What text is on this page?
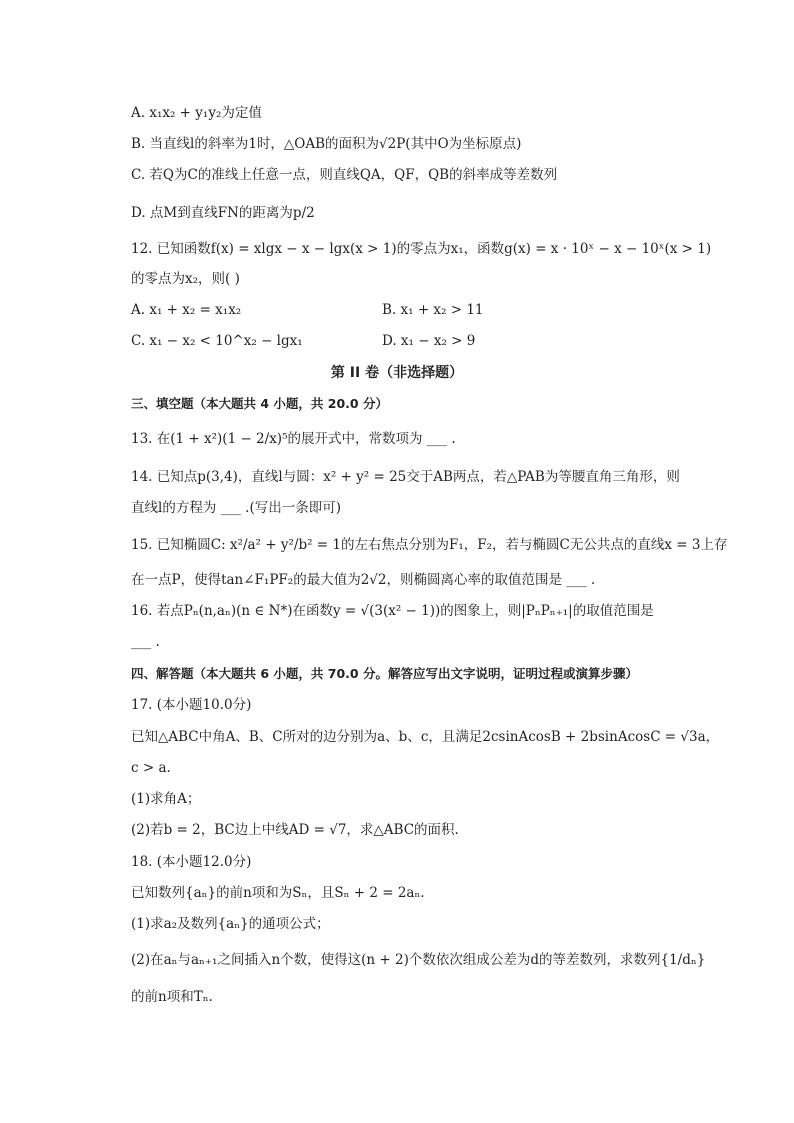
A. x₁x₂ + y₁y₂为定值
B. 当直线l的斜率为1时，△OAB的面积为√2P(其中O为坐标原点)
C. 若Q为C的准线上任意一点，则直线QA，QF，QB的斜率成等差数列
D. 点M到直线FN的距离为p/2
12. 已知函数f(x) = xlgx − x − lgx(x > 1)的零点为x₁，函数g(x) = x · 10ˣ − x − 10ˣ(x > 1)
的零点为x₂，则( )
A. x₁ + x₂ = x₁x₂	B. x₁ + x₂ > 11
C. x₁ − x₂ < 10^x₂ − lgx₁	D. x₁ − x₂ > 9
第 II 卷（非选择题）
三、填空题（本大题共 4 小题，共 20.0 分）
13. 在(1 + x²)(1 − 2/x)⁵的展开式中，常数项为 ___ .
14. 已知点p(3,4)，直线l与圆：x² + y² = 25交于AB两点，若△PAB为等腰直角三角形，则
直线l的方程为 ___ .(写出一条即可)
15. 已知椭圆C: x²/a² + y²/b² = 1的左右焦点分别为F₁，F₂，若与椭圆C无公共点的直线x = 3上存
在一点P，使得tan∠F₁PF₂的最大值为2√2，则椭圆离心率的取值范围是 ___ .
16. 若点Pₙ(n,aₙ)(n ∈ N*)在函数y = √(3(x² − 1))的图象上，则|PₙPₙ₊₁|的取值范围是
___ .
四、解答题（本大题共 6 小题，共 70.0 分。解答应写出文字说明，证明过程或演算步骤）
17. (本小题10.0分)
已知△ABC中角A、B、C所对的边分别为a、b、c，且满足2csinAcosB + 2bsinAcosC = √3a，
c > a.
(1)求角A；
(2)若b = 2，BC边上中线AD = √7，求△ABC的面积.
18. (本小题12.0分)
已知数列{aₙ}的前n项和为Sₙ，且Sₙ + 2 = 2aₙ.
(1)求a₂及数列{aₙ}的通项公式；
(2)在aₙ与aₙ₊₁之间插入n个数，使得这(n + 2)个数依次组成公差为d的等差数列，求数列{1/dₙ}
的前n项和Tₙ.
